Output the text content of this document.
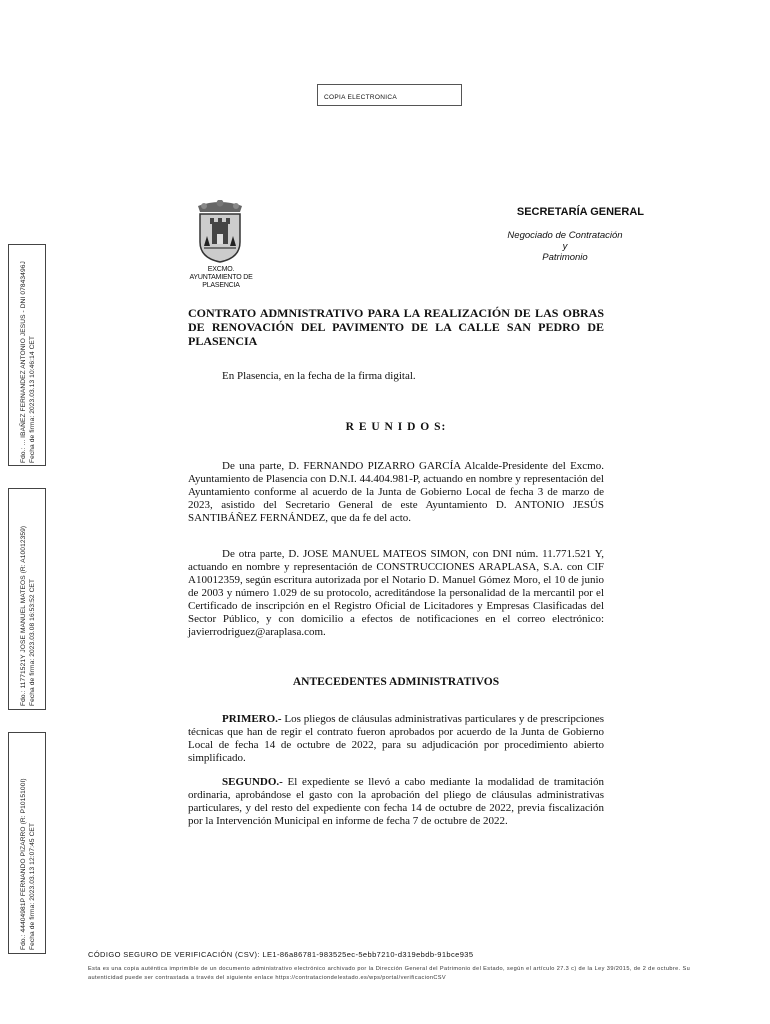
COPIA ELECTRONICA
EXCMO. AYUNTAMIENTO DE PLASENCIA
SECRETARÍA GENERAL
Negociado de Contratación
y
Patrimonio
CONTRATO ADMNISTRATIVO PARA LA REALIZACIÓN DE LAS OBRAS DE RENOVACIÓN DEL PAVIMENTO DE LA CALLE SAN PEDRO DE PLASENCIA
En Plasencia, en la fecha de la firma digital.
R E U N I D O S:
De una parte, D. FERNANDO PIZARRO GARCÍA Alcalde-Presidente del Excmo. Ayuntamiento de Plasencia con D.N.I. 44.404.981-P, actuando en nombre y representación del Ayuntamiento conforme al acuerdo de la Junta de Gobierno Local de fecha 3 de marzo de 2023, asistido del Secretario General de este Ayuntamiento D. ANTONIO JESÚS SANTIBÁÑEZ FERNÁNDEZ, que da fe del acto.
De otra parte, D. JOSE MANUEL MATEOS SIMON, con DNI núm. 11.771.521 Y, actuando en nombre y representación de CONSTRUCCIONES ARAPLASA, S.A. con CIF A10012359, según escritura autorizada por el Notario D. Manuel Gómez Moro, el 10 de junio de 2003 y número 1.029 de su protocolo, acreditándose la personalidad de la mercantil por el Certificado de inscripción en el Registro Oficial de Licitadores y Empresas Clasificadas del Sector Público, y con domicilio a efectos de notificaciones en el correo electrónico: javierrodriguez@araplasa.com.
ANTECEDENTES ADMINISTRATIVOS
PRIMERO.- Los pliegos de cláusulas administrativas particulares y de prescripciones técnicas que han de regir el contrato fueron aprobados por acuerdo de la Junta de Gobierno Local de fecha 14 de octubre de 2022, para su adjudicación por procedimiento abierto simplificado.
SEGUNDO.- El expediente se llevó a cabo mediante la modalidad de tramitación ordinaria, aprobándose el gasto con la aprobación del pliego de cláusulas administrativas particulares, y del resto del expediente con fecha 14 de octubre de 2022, previa fiscalización por la Intervención Municipal en informe de fecha 7 de octubre de 2022.
Fdo.: ... IBAÑEZ FERNANDEZ ANTONIO JESUS - DNI 07843496J Fecha de firma: 2023.03.13 10:46:14 CET
Fdo.: 11771521Y JOSE MANUEL MATEOS (R: A10012359) Fecha de firma: 2023.03.08 16:53:52 CET
Fdo.: 44404981P FERNANDO PIZARRO (R: P1015100I) Fecha de firma: 2023.03.13 12:07:45 CET
CÓDIGO SEGURO DE VERIFICACIÓN (CSV): LE1-86a86781-983525ec-5ebb7210-d319ebdb-91bce935
Esta es una copia auténtica imprimible de un documento administrativo electrónico archivado por la Dirección General del Patrimonio del Estado, según el artículo 27.3 c) de la Ley 39/2015, de 2 de octubre. Su autenticidad puede ser contrastada a través del siguiente enlace https://contrataciondelestado.es/wps/portal/verificacionCSV
